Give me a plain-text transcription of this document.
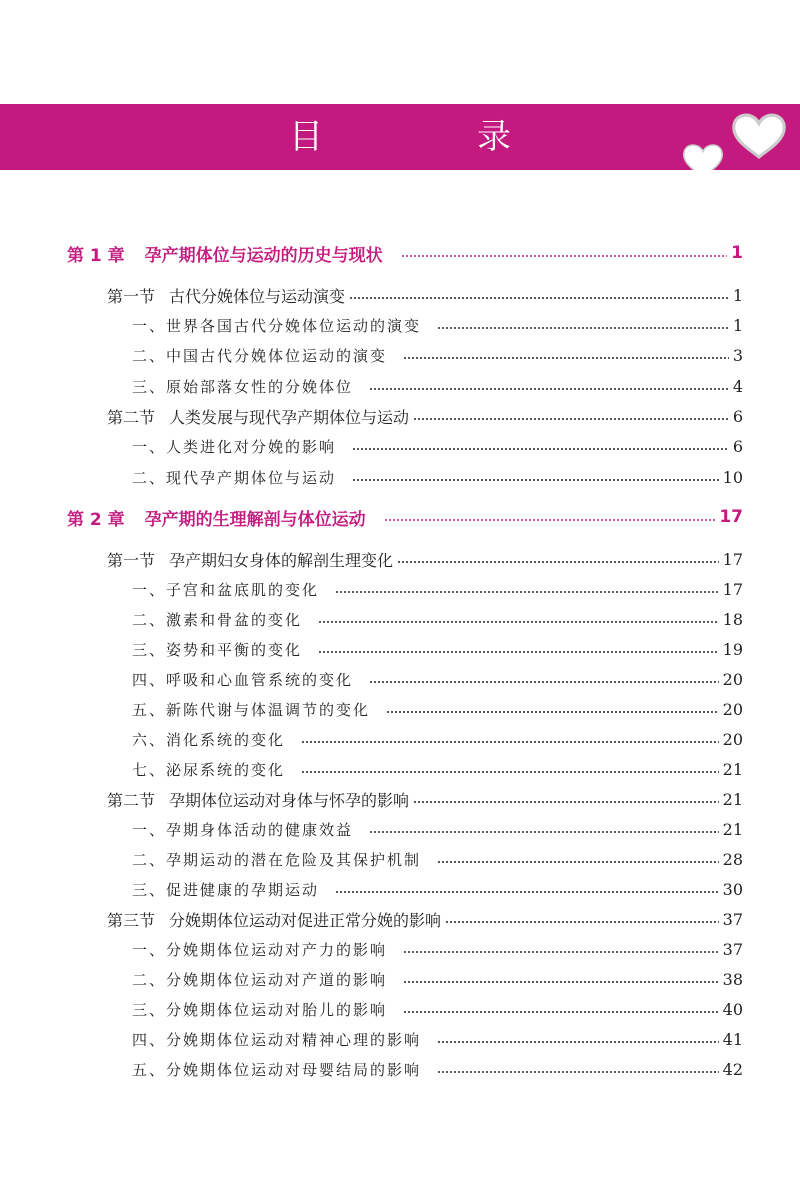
目　录
第 1 章 孕产期体位与运动的历史与现状	1
第一节 古代分娩体位与运动演变	1
一、世界各国古代分娩体位运动的演变	1
二、中国古代分娩体位运动的演变	3
三、原始部落女性的分娩体位	4
第二节 人类发展与现代孕产期体位与运动	6
一、人类进化对分娩的影响	6
二、现代孕产期体位与运动	10
第 2 章 孕产期的生理解剖与体位运动	17
第一节 孕产期妇女身体的解剖生理变化	17
一、子宫和盆底肌的变化	17
二、激素和骨盆的变化	18
三、姿势和平衡的变化	19
四、呼吸和心血管系统的变化	20
五、新陈代谢与体温调节的变化	20
六、消化系统的变化	20
七、泌尿系统的变化	21
第二节 孕期体位运动对身体与怀孕的影响	21
一、孕期身体活动的健康效益	21
二、孕期运动的潜在危险及其保护机制	28
三、促进健康的孕期运动	30
第三节 分娩期体位运动对促进正常分娩的影响	37
一、分娩期体位运动对产力的影响	37
二、分娩期体位运动对产道的影响	38
三、分娩期体位运动对胎儿的影响	40
四、分娩期体位运动对精神心理的影响	41
五、分娩期体位运动对母婴结局的影响	42
